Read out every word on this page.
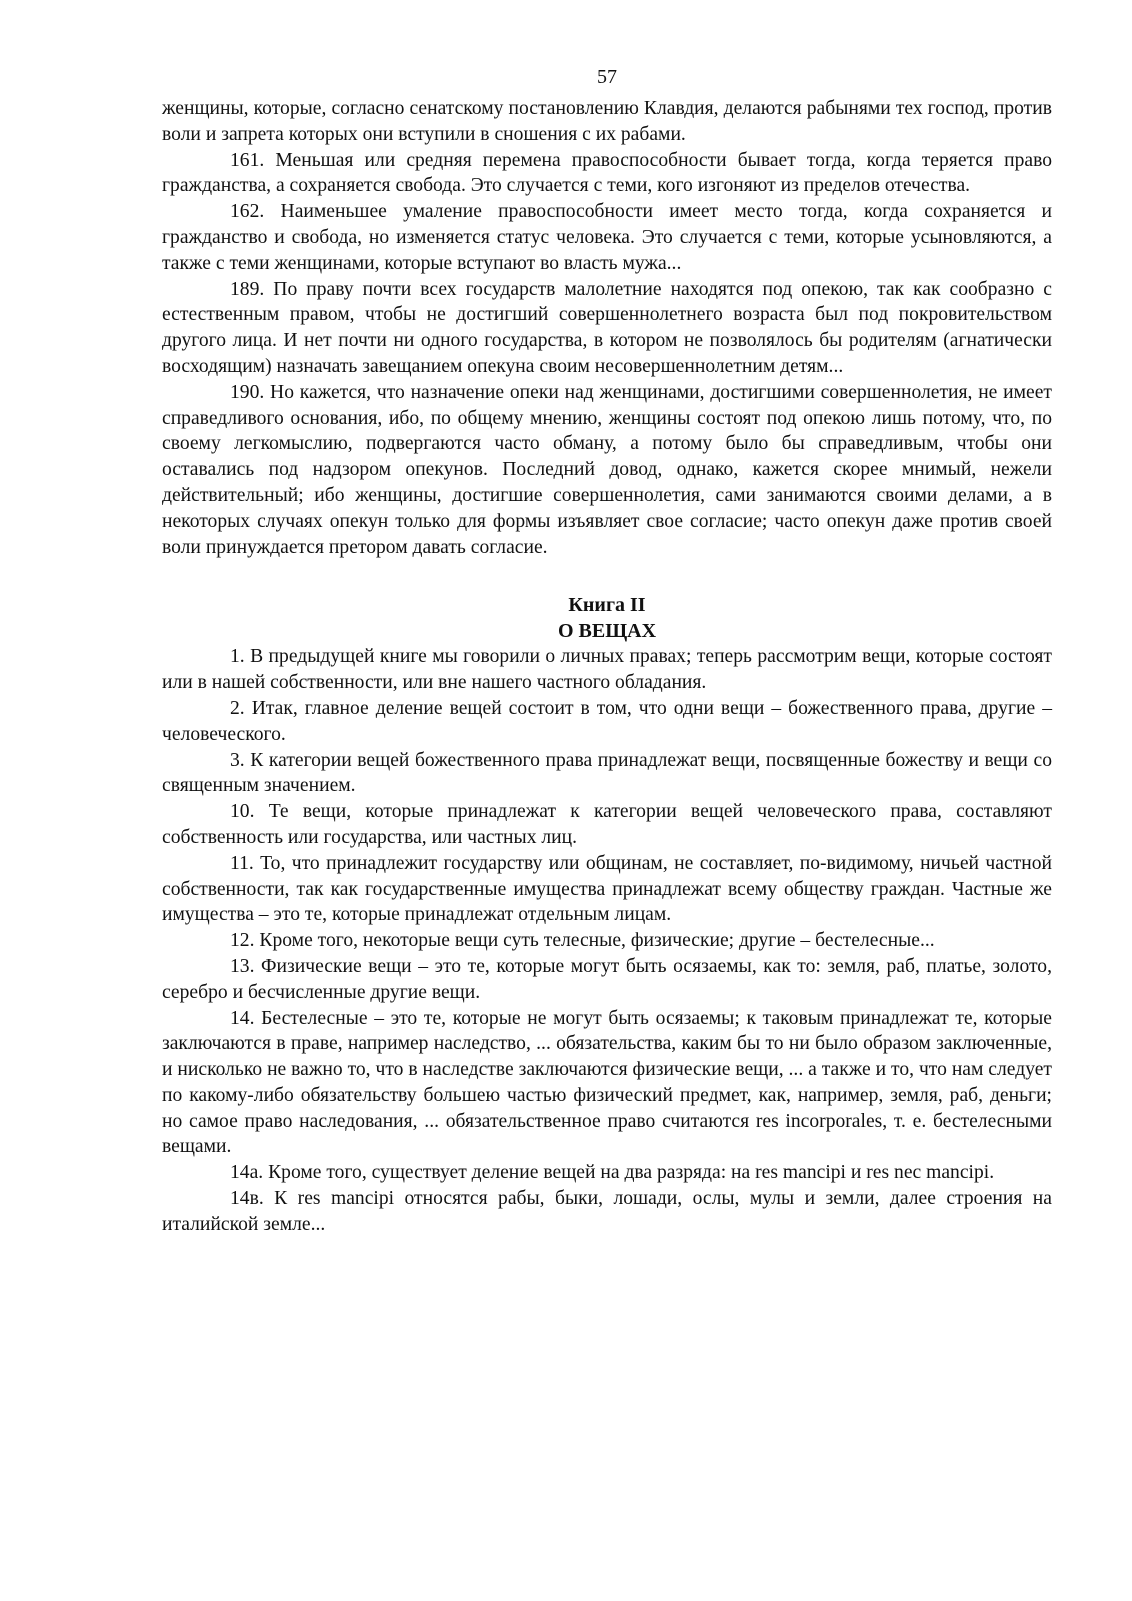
57

женщины, которые, согласно сенатскому постановлению Клавдия, делаются рабынями тех господ, против воли и запрета которых они вступили в сношения с их рабами.

161. Меньшая или средняя перемена правоспособности бывает тогда, когда теряется право гражданства, а сохраняется свобода. Это случается с теми, кого изгоняют из пределов отечества.

162. Наименьшее умаление правоспособности имеет место тогда, когда сохраняется и гражданство и свобода, но изменяется статус человека. Это случается с теми, которые усыновляются, а также с теми женщинами, которые вступают во власть мужа...

189. По праву почти всех государств малолетние находятся под опекою, так как сообразно с естественным правом, чтобы не достигший совершеннолетнего возраста был под покровительством другого лица. И нет почти ни одного государства, в котором не позволялось бы родителям (агнатически восходящим) назначать завещанием опекуна своим несовершеннолетним детям...

190. Но кажется, что назначение опеки над женщинами, достигшими совершеннолетия, не имеет справедливого основания, ибо, по общему мнению, женщины состоят под опекою лишь потому, что, по своему легкомыслию, подвергаются часто обману, а потому было бы справедливым, чтобы они оставались под надзором опекунов. Последний довод, однако, кажется скорее мнимый, нежели действительный; ибо женщины, достигшие совершеннолетия, сами занимаются своими делами, а в некоторых случаях опекун только для формы изъявляет свое согласие; часто опекун даже против своей воли принуждается претором давать согласие.

Книга II
О ВЕЩАХ

1. В предыдущей книге мы говорили о личных правах; теперь рассмотрим вещи, которые состоят или в нашей собственности, или вне нашего частного обладания.

2. Итак, главное деление вещей состоит в том, что одни вещи – божественного права, другие – человеческого.

3. К категории вещей божественного права принадлежат вещи, посвященные божеству и вещи со священным значением.

10. Те вещи, которые принадлежат к категории вещей человеческого права, составляют собственность или государства, или частных лиц.

11. То, что принадлежит государству или общинам, не составляет, по-видимому, ничьей частной собственности, так как государственные имущества принадлежат всему обществу граждан. Частные же имущества – это те, которые принадлежат отдельным лицам.

12. Кроме того, некоторые вещи суть телесные, физические; другие – бестелесные...

13. Физические вещи – это те, которые могут быть осязаемы, как то: земля, раб, платье, золото, серебро и бесчисленные другие вещи.

14. Бестелесные – это те, которые не могут быть осязаемы; к таковым принадлежат те, которые заключаются в праве, например наследство, ... обязательства, каким бы то ни было образом заключенные, и нисколько не важно то, что в наследстве заключаются физические вещи, ... а также и то, что нам следует по какому-либо обязательству большею частью физический предмет, как, например, земля, раб, деньги; но самое право наследования, ... обязательственное право считаются res incorporales, т. е. бестелесными вещами.

14а. Кроме того, существует деление вещей на два разряда: на res mancipi и res nec mancipi.

14в. К res mancipi относятся рабы, быки, лошади, ослы, мулы и земли, далее строения на италийской земле...
